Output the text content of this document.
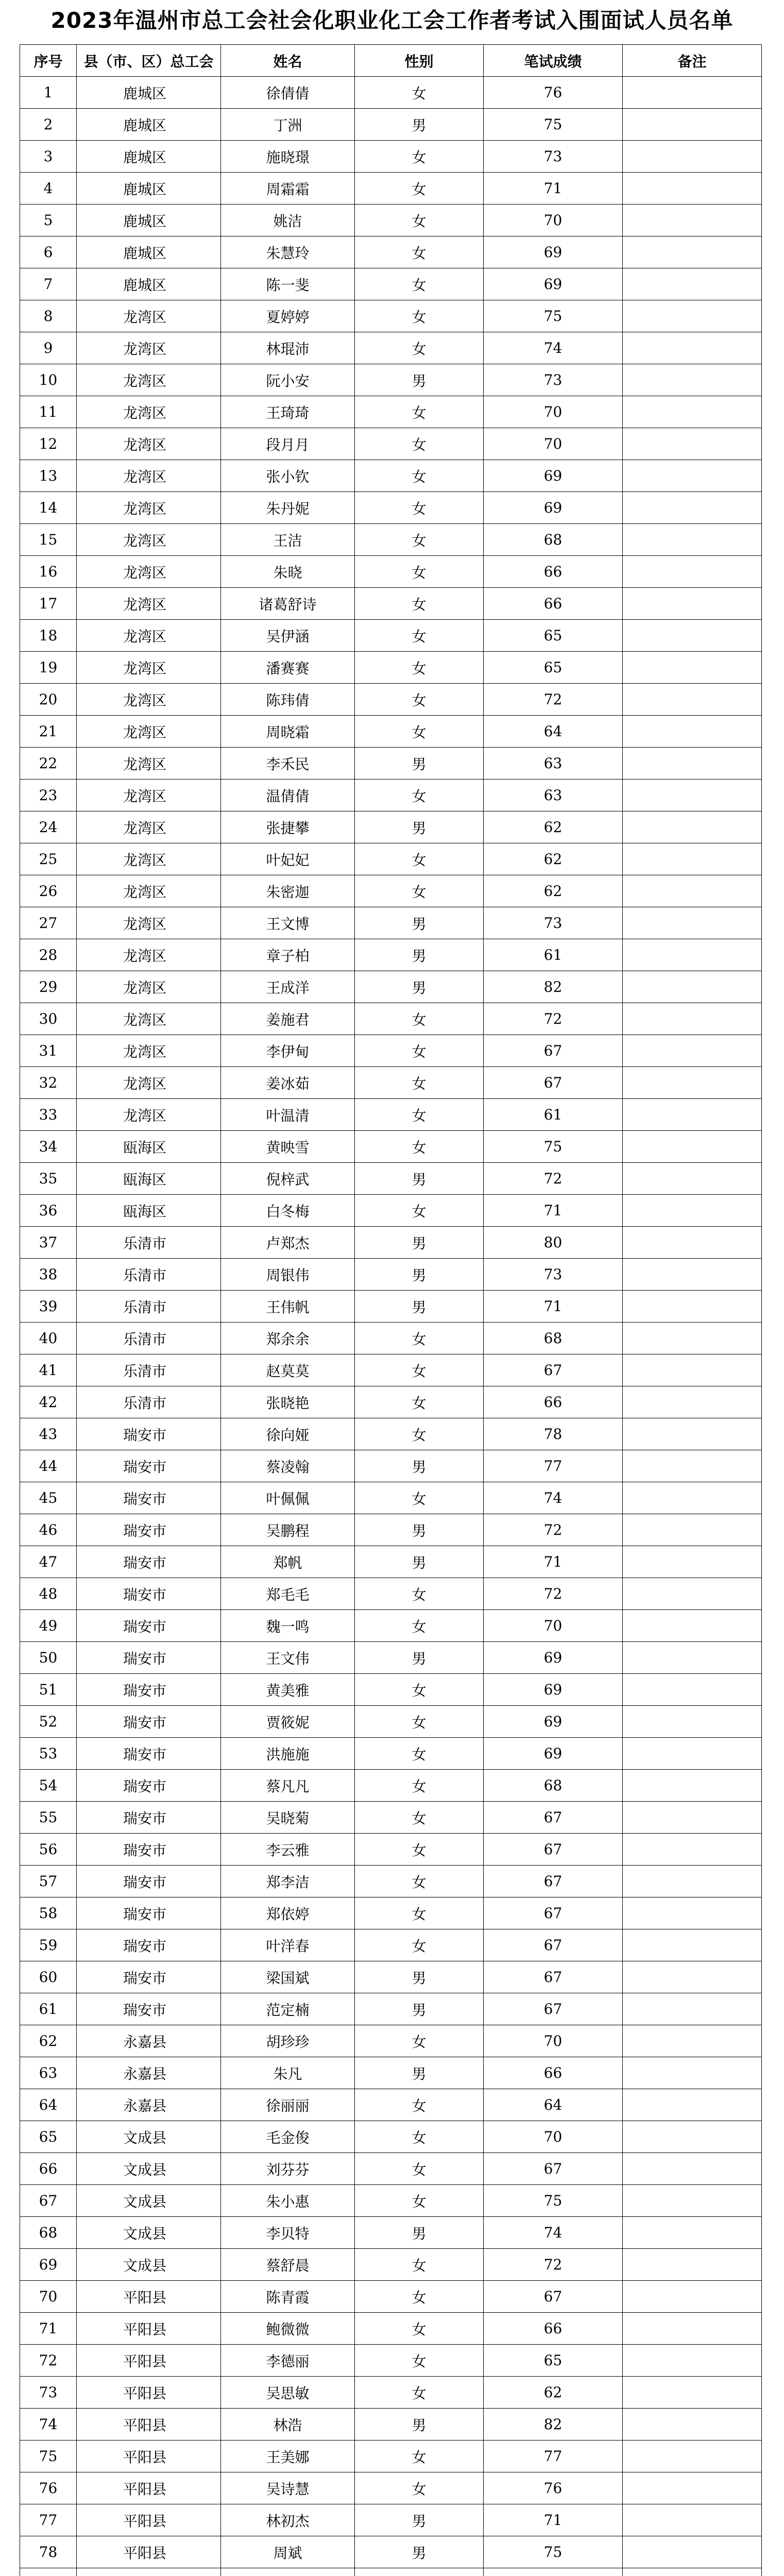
2023年温州市总工会社会化职业化工会工作者考试入围面试人员名单
序号	县（市、区）总工会	姓名	性别	笔试成绩	备注
1	鹿城区	徐倩倩	女	76	
2	鹿城区	丁洲	男	75	
3	鹿城区	施晓璟	女	73	
4	鹿城区	周霜霜	女	71	
5	鹿城区	姚洁	女	70	
6	鹿城区	朱慧玲	女	69	
7	鹿城区	陈一斐	女	69	
8	龙湾区	夏婷婷	女	75	
9	龙湾区	林琨沛	女	74	
10	龙湾区	阮小安	男	73	
11	龙湾区	王琦琦	女	70	
12	龙湾区	段月月	女	70	
13	龙湾区	张小钦	女	69	
14	龙湾区	朱丹妮	女	69	
15	龙湾区	王洁	女	68	
16	龙湾区	朱晓	女	66	
17	龙湾区	诸葛舒诗	女	66	
18	龙湾区	吴伊涵	女	65	
19	龙湾区	潘赛赛	女	65	
20	龙湾区	陈玮倩	女	72	
21	龙湾区	周晓霜	女	64	
22	龙湾区	李禾民	男	63	
23	龙湾区	温倩倩	女	63	
24	龙湾区	张捷攀	男	62	
25	龙湾区	叶妃妃	女	62	
26	龙湾区	朱密迦	女	62	
27	龙湾区	王文博	男	73	
28	龙湾区	章子柏	男	61	
29	龙湾区	王成洋	男	82	
30	龙湾区	姜施君	女	72	
31	龙湾区	李伊甸	女	67	
32	龙湾区	姜冰茹	女	67	
33	龙湾区	叶温清	女	61	
34	瓯海区	黄映雪	女	75	
35	瓯海区	倪梓武	男	72	
36	瓯海区	白冬梅	女	71	
37	乐清市	卢郑杰	男	80	
38	乐清市	周银伟	男	73	
39	乐清市	王伟帆	男	71	
40	乐清市	郑余余	女	68	
41	乐清市	赵莫莫	女	67	
42	乐清市	张晓艳	女	66	
43	瑞安市	徐向娅	女	78	
44	瑞安市	蔡凌翰	男	77	
45	瑞安市	叶佩佩	女	74	
46	瑞安市	吴鹏程	男	72	
47	瑞安市	郑帆	男	71	
48	瑞安市	郑毛毛	女	72	
49	瑞安市	魏一鸣	女	70	
50	瑞安市	王文伟	男	69	
51	瑞安市	黄美雅	女	69	
52	瑞安市	贾筱妮	女	69	
53	瑞安市	洪施施	女	69	
54	瑞安市	蔡凡凡	女	68	
55	瑞安市	吴晓菊	女	67	
56	瑞安市	李云雅	女	67	
57	瑞安市	郑李洁	女	67	
58	瑞安市	郑依婷	女	67	
59	瑞安市	叶洋春	女	67	
60	瑞安市	梁国斌	男	67	
61	瑞安市	范定楠	男	67	
62	永嘉县	胡珍珍	女	70	
63	永嘉县	朱凡	男	66	
64	永嘉县	徐丽丽	女	64	
65	文成县	毛金俊	女	70	
66	文成县	刘芬芬	女	67	
67	文成县	朱小惠	女	75	
68	文成县	李贝特	男	74	
69	文成县	蔡舒晨	女	72	
70	平阳县	陈青霞	女	67	
71	平阳县	鲍微微	女	66	
72	平阳县	李德丽	女	65	
73	平阳县	吴思敏	女	62	
74	平阳县	林浩	男	82	
75	平阳县	王美娜	女	77	
76	平阳县	吴诗慧	女	76	
77	平阳县	林初杰	男	71	
78	平阳县	周斌	男	75	
